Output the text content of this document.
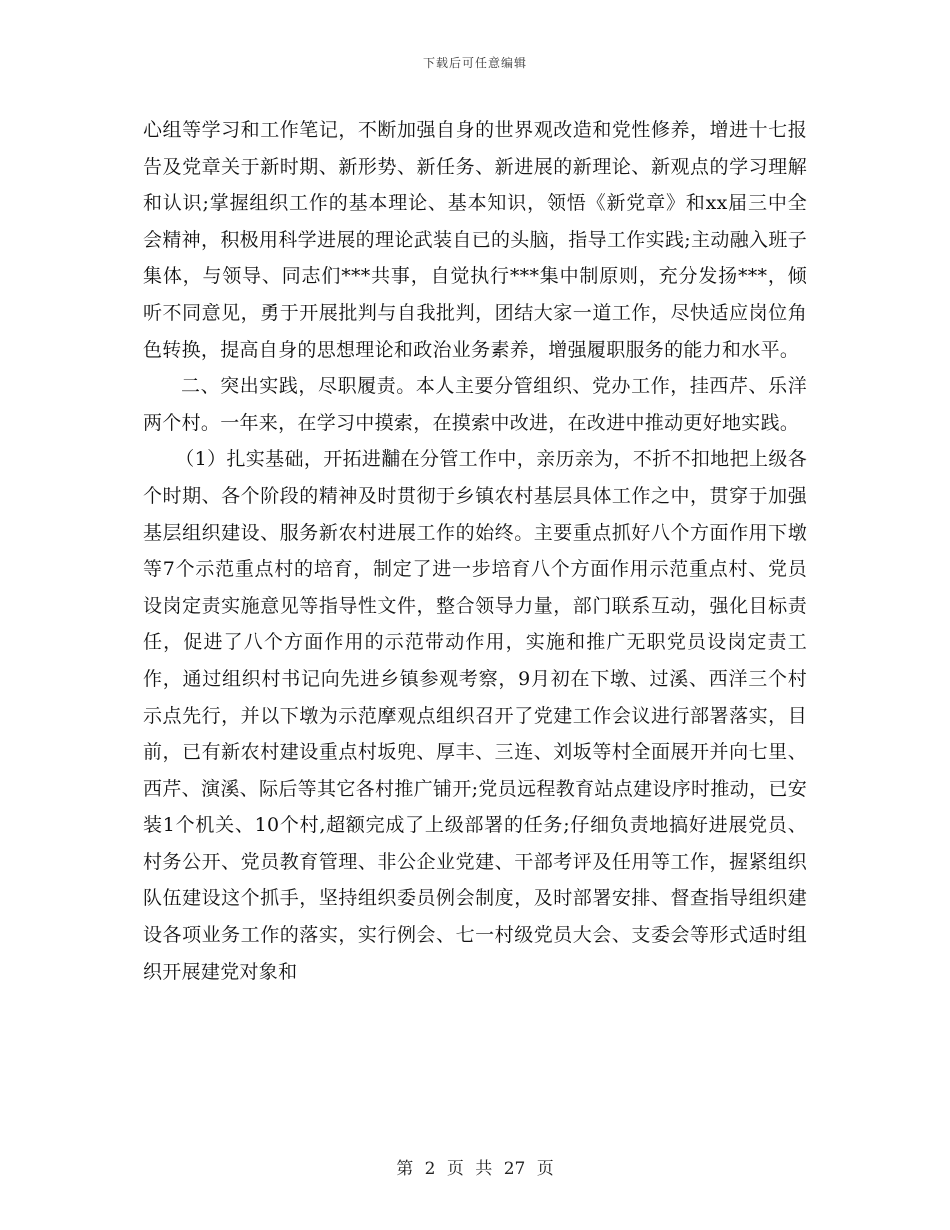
下载后可任意编辑

心组等学习和工作笔记，不断加强自身的世界观改造和党性修养，增进十七报告及党章关于新时期、新形势、新任务、新进展的新理论、新观点的学习理解和认识;掌握组织工作的基本理论、基本知识，领悟《新党章》和xx届三中全会精神，积极用科学进展的理论武装自已的头脑，指导工作实践;主动融入班子集体，与领导、同志们***共事，自觉执行***集中制原则，充分发扬***，倾听不同意见，勇于开展批判与自我批判，团结大家一道工作，尽快适应岗位角色转换，提高自身的思想理论和政治业务素养，增强履职服务的能力和水平。

二、突出实践，尽职履责。本人主要分管组织、党办工作，挂西芹、乐洋两个村。一年来，在学习中摸索，在摸索中改进，在改进中推动更好地实践。

（1）扎实基础，开拓进黼在分管工作中，亲历亲为，不折不扣地把上级各个时期、各个阶段的精神及时贯彻于乡镇农村基层具体工作之中，贯穿于加强基层组织建设、服务新农村进展工作的始终。主要重点抓好八个方面作用下墩等7个示范重点村的培育，制定了进一步培育八个方面作用示范重点村、党员设岗定责实施意见等指导性文件，整合领导力量，部门联系互动，强化目标责任，促进了八个方面作用的示范带动作用，实施和推广无职党员设岗定责工作，通过组织村书记向先进乡镇参观考察，9月初在下墩、过溪、西洋三个村示点先行，并以下墩为示范摩观点组织召开了党建工作会议进行部署落实，目前，已有新农村建设重点村坂兜、厚丰、三连、刘坂等村全面展开并向七里、西芹、演溪、际后等其它各村推广铺开;党员远程教育站点建设序时推动，已安装1个机关、10个村,超额完成了上级部署的任务;仔细负责地搞好进展党员、村务公开、党员教育管理、非公企业党建、干部考评及任用等工作，握紧组织队伍建设这个抓手，坚持组织委员例会制度，及时部署安排、督查指导组织建设各项业务工作的落实，实行例会、七一村级党员大会、支委会等形式适时组织开展建党对象和

第 2 页 共 27 页
